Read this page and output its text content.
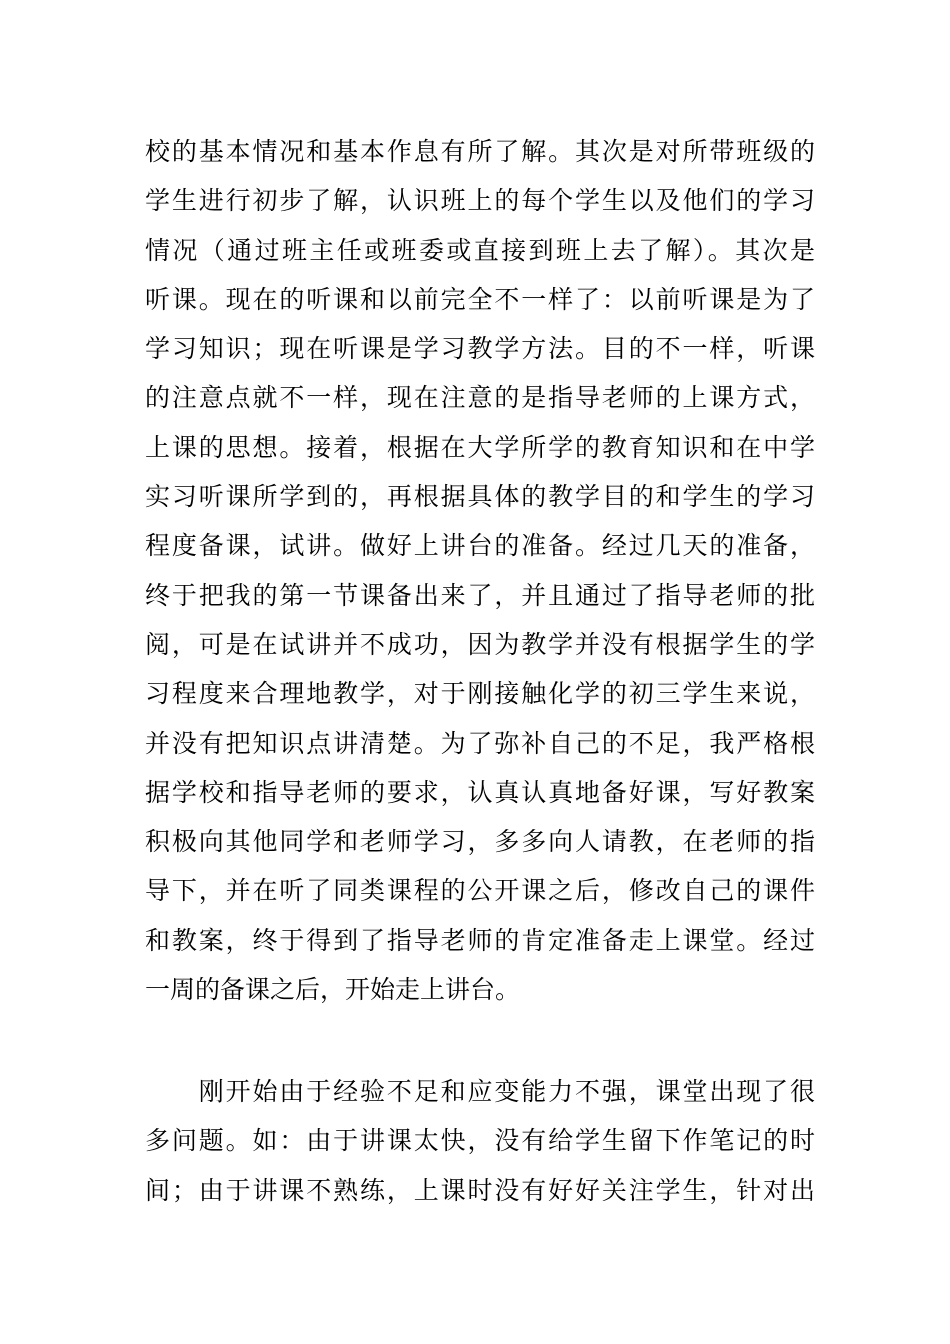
校的基本情况和基本作息有所了解。其次是对所带班级的
学生进行初步了解，认识班上的每个学生以及他们的学习
情况（通过班主任或班委或直接到班上去了解）。其次是
听课。现在的听课和以前完全不一样了：以前听课是为了
学习知识；现在听课是学习教学方法。目的不一样，听课
的注意点就不一样，现在注意的是指导老师的上课方式，
上课的思想。接着，根据在大学所学的教育知识和在中学
实习听课所学到的，再根据具体的教学目的和学生的学习
程度备课，试讲。做好上讲台的准备。经过几天的准备，
终于把我的第一节课备出来了，并且通过了指导老师的批
阅，可是在试讲并不成功，因为教学并没有根据学生的学
习程度来合理地教学，对于刚接触化学的初三学生来说，
并没有把知识点讲清楚。为了弥补自己的不足，我严格根
据学校和指导老师的要求，认真认真地备好课，写好教案
积极向其他同学和老师学习，多多向人请教，在老师的指
导下，并在听了同类课程的公开课之后，修改自己的课件
和教案，终于得到了指导老师的肯定准备走上课堂。经过
一周的备课之后，开始走上讲台。
　　刚开始由于经验不足和应变能力不强，课堂出现了很
多问题。如：由于讲课太快，没有给学生留下作笔记的时
间；由于讲课不熟练，上课时没有好好关注学生，针对出
